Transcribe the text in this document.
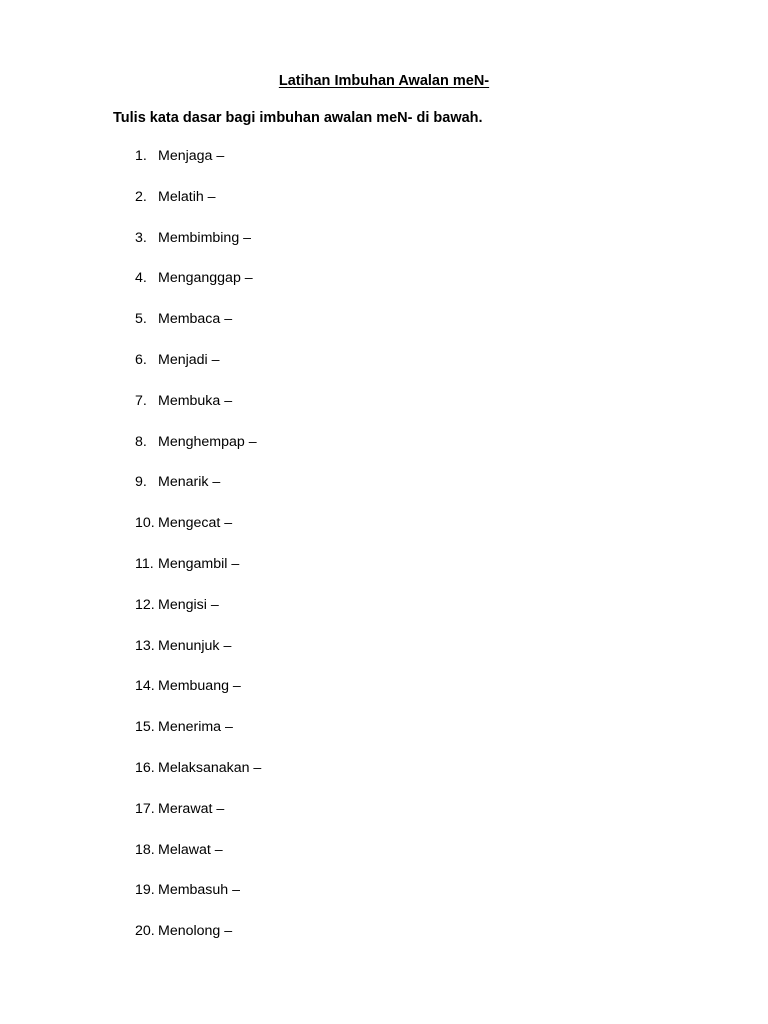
Latihan Imbuhan Awalan meN-
Tulis kata dasar bagi imbuhan awalan meN- di bawah.
1. Menjaga –
2. Melatih –
3. Membimbing –
4. Menganggap –
5. Membaca –
6. Menjadi –
7. Membuka –
8. Menghempap –
9. Menarik –
10. Mengecat –
11. Mengambil –
12. Mengisi –
13. Menunjuk –
14. Membuang –
15. Menerima –
16. Melaksanakan –
17. Merawat –
18. Melawat –
19. Membasuh –
20. Menolong –
